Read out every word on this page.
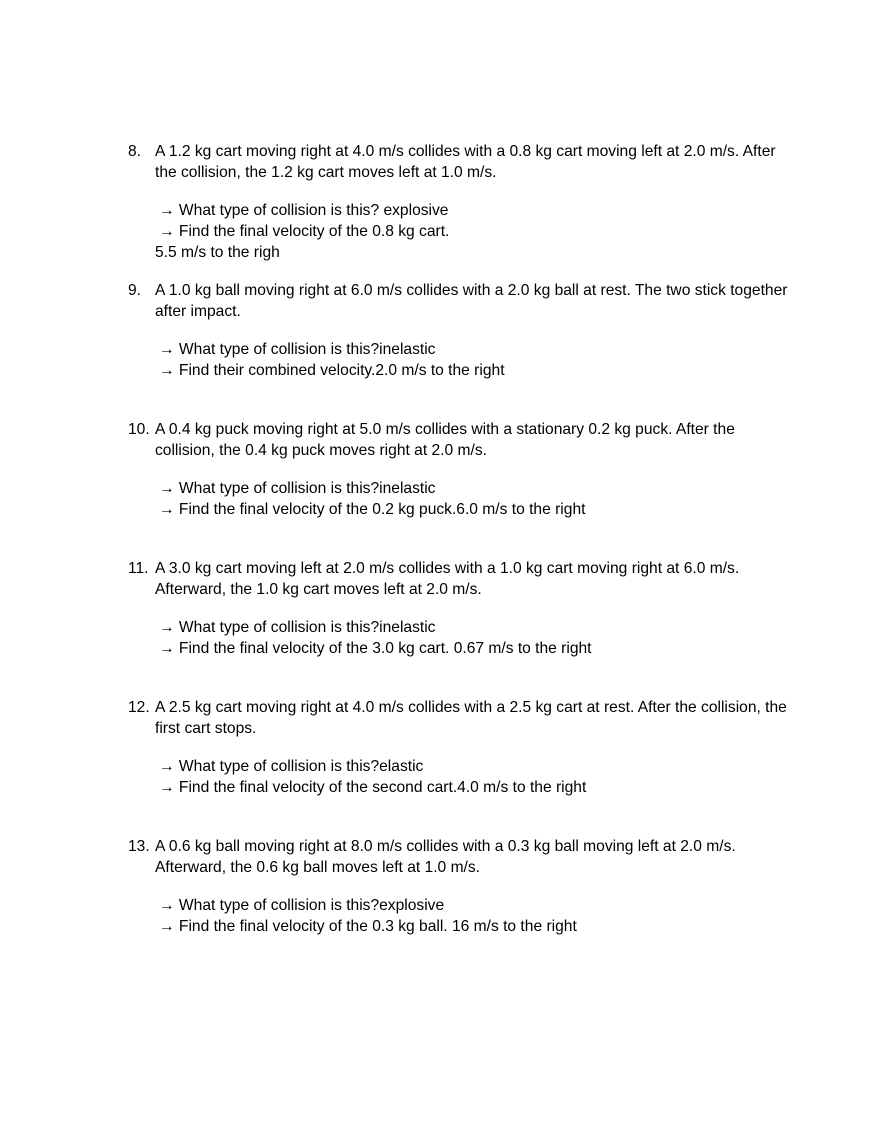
8. A 1.2 kg cart moving right at 4.0 m/s collides with a 0.8 kg cart moving left at 2.0 m/s. After the collision, the 1.2 kg cart moves left at 1.0 m/s.
→ What type of collision is this? explosive
→ Find the final velocity of the 0.8 kg cart.
5.5 m/s to the righ
9. A 1.0 kg ball moving right at 6.0 m/s collides with a 2.0 kg ball at rest. The two stick together after impact.
→ What type of collision is this?inelastic
→ Find their combined velocity.2.0 m/s to the right
10. A 0.4 kg puck moving right at 5.0 m/s collides with a stationary 0.2 kg puck. After the collision, the 0.4 kg puck moves right at 2.0 m/s.
→ What type of collision is this?inelastic
→ Find the final velocity of the 0.2 kg puck.6.0 m/s to the right
11. A 3.0 kg cart moving left at 2.0 m/s collides with a 1.0 kg cart moving right at 6.0 m/s. Afterward, the 1.0 kg cart moves left at 2.0 m/s.
→ What type of collision is this?inelastic
→ Find the final velocity of the 3.0 kg cart. 0.67 m/s to the right
12. A 2.5 kg cart moving right at 4.0 m/s collides with a 2.5 kg cart at rest. After the collision, the first cart stops.
→ What type of collision is this?elastic
→ Find the final velocity of the second cart.4.0 m/s to the right
13. A 0.6 kg ball moving right at 8.0 m/s collides with a 0.3 kg ball moving left at 2.0 m/s. Afterward, the 0.6 kg ball moves left at 1.0 m/s.
→ What type of collision is this?explosive
→ Find the final velocity of the 0.3 kg ball. 16 m/s to the right
